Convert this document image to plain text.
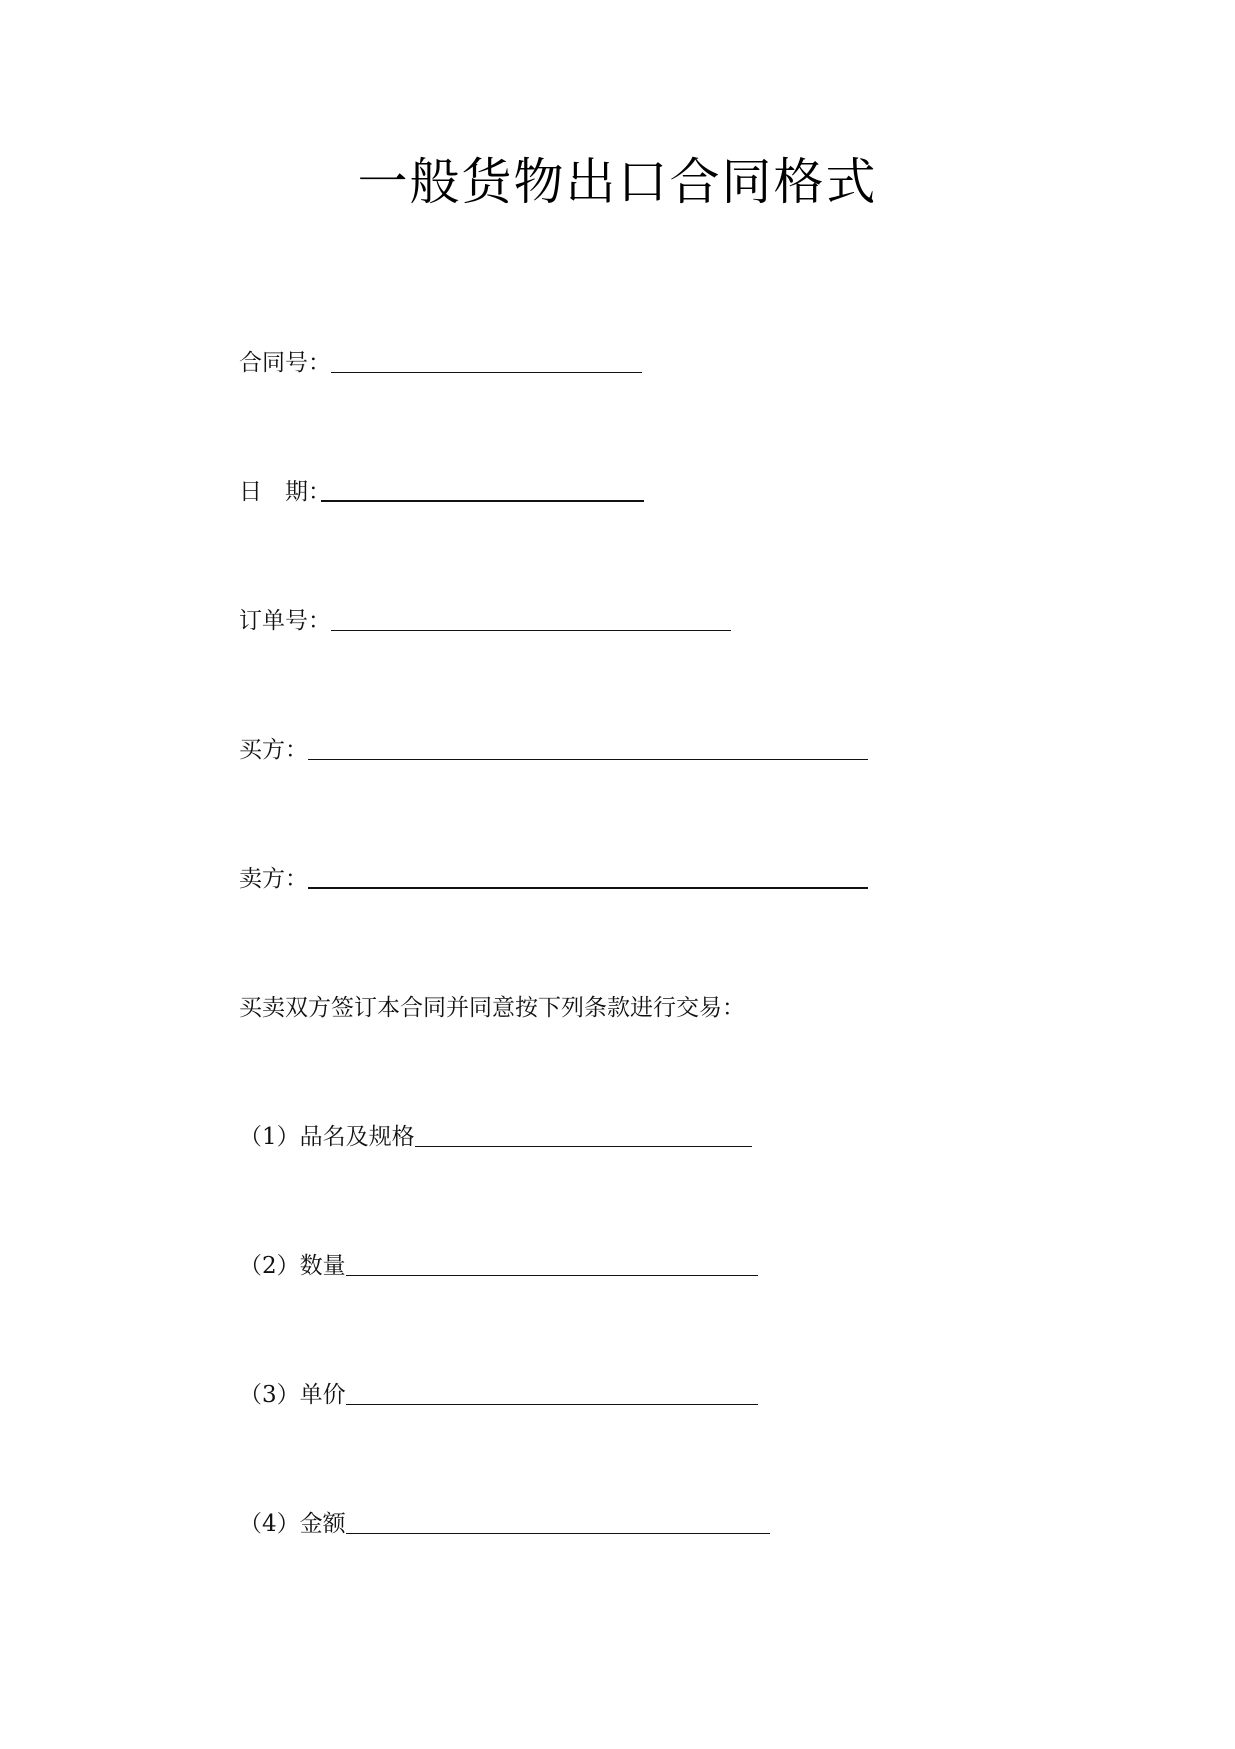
一般货物出口合同格式
合同号：
日　期：
订单号：
买方：
卖方：
买卖双方签订本合同并同意按下列条款进行交易：
（1） 品名及规格
（2） 数量
（3） 单价
（4） 金额
